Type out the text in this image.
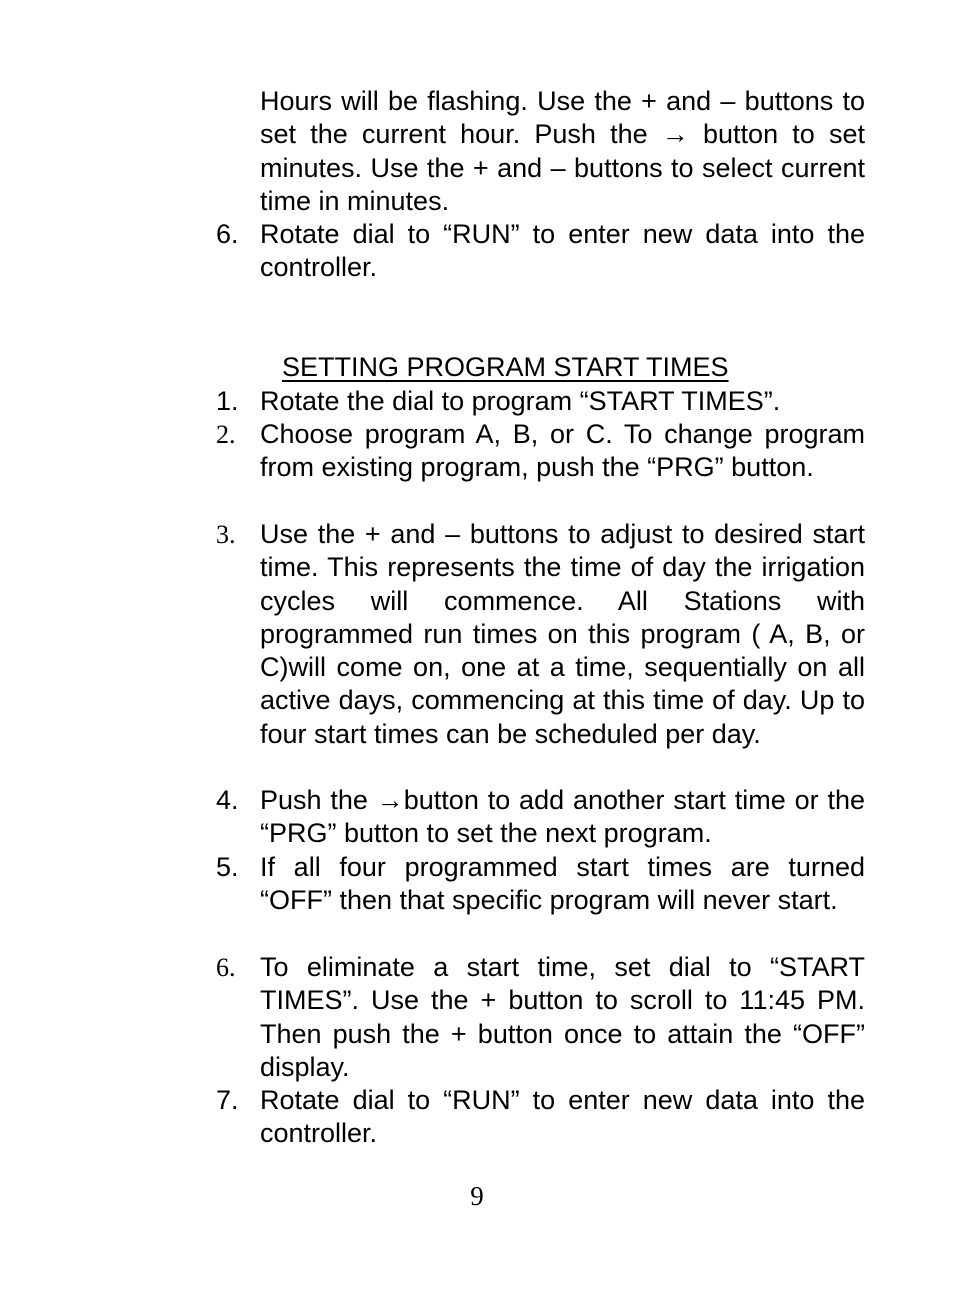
Hours will be flashing. Use the + and – buttons to set the current hour. Push the → button to set minutes. Use the + and – buttons to select current time in minutes.

6. Rotate dial to “RUN” to enter new data into the controller.
SETTING PROGRAM START TIMES
1. Rotate the dial to program “START TIMES”.
2. Choose program A, B, or C. To change program from existing program, push the “PRG” button.
3. Use the + and – buttons to adjust to desired start time. This represents the time of day the irrigation cycles will commence. All Stations with programmed run times on this program ( A, B, or C)will come on, one at a time, sequentially on all active days, commencing at this time of day. Up to four start times can be scheduled per day.
4. Push the →button to add another start time or the “PRG” button to set the next program.
5. If all four programmed start times are turned “OFF” then that specific program will never start.
6. To eliminate a start time, set dial to “START TIMES”. Use the + button to scroll to 11:45 PM. Then push the + button once to attain the “OFF” display.
7. Rotate dial to “RUN” to enter new data into the controller.
9
